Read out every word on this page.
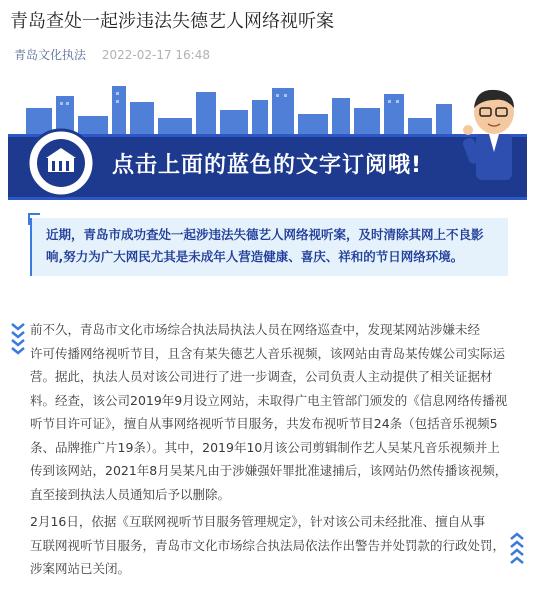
青岛查处一起涉违法失德艺人网络视听案
青岛文化执法 2022-02-17 16:48
点击上面的蓝色的文字订阅哦!
近期，青岛市成功查处一起涉违法失德艺人网络视听案，及时清除其网上不良影
响,努力为广大网民尤其是未成年人营造健康、喜庆、祥和的节日网络环境。
前不久，青岛市文化市场综合执法局执法人员在网络巡查中，发现某网站涉嫌未经
许可传播网络视听节目，且含有某失德艺人音乐视频，该网站由青岛某传媒公司实际运
营。据此，执法人员对该公司进行了进一步调查，公司负责人主动提供了相关证据材
料。经查，该公司2019年9月设立网站，未取得广电主管部门颁发的《信息网络传播视
听节目许可证》，擅自从事网络视听节目服务，共发布视听节目24条（包括音乐视频5
条、品牌推广片19条）。其中，2019年10月该公司剪辑制作艺人吴某凡音乐视频并上
传到该网站，2021年8月吴某凡由于涉嫌强奸罪批准逮捕后，该网站仍然传播该视频，
直至接到执法人员通知后予以删除。
2月16日，依据《互联网视听节目服务管理规定》，针对该公司未经批准、擅自从事
互联网视听节目服务，青岛市文化市场综合执法局依法作出警告并处罚款的行政处罚，
涉案网站已关闭。
